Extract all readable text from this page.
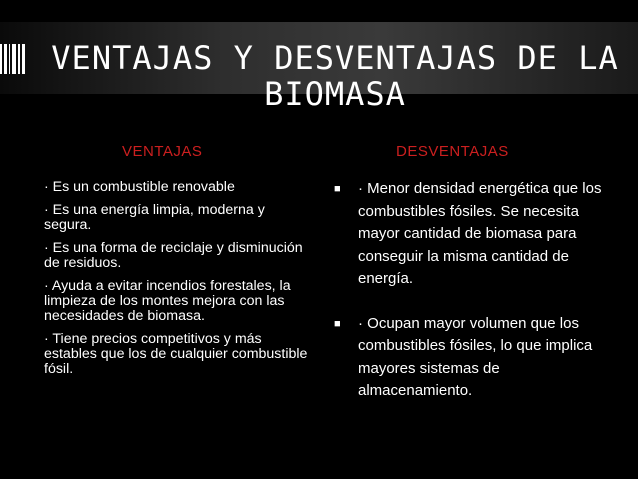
VENTAJAS Y DESVENTAJAS DE LA BIOMASA
VENTAJAS	DESVENTAJAS

· Es un combustible renovable

· Es una energía limpia, moderna y segura.

· Es una forma de reciclaje y disminución de residuos.

· Ayuda a evitar incendios forestales, la limpieza de los montes mejora con las necesidades de biomasa.

· Tiene precios competitivos y más estables que los de cualquier combustible fósil.

■	· Menor densidad energética que los combustibles fósiles. Se necesita mayor cantidad de biomasa para conseguir la misma cantidad de energía.
■	· Ocupan mayor volumen que los combustibles fósiles, lo que implica mayores sistemas de almacenamiento.
